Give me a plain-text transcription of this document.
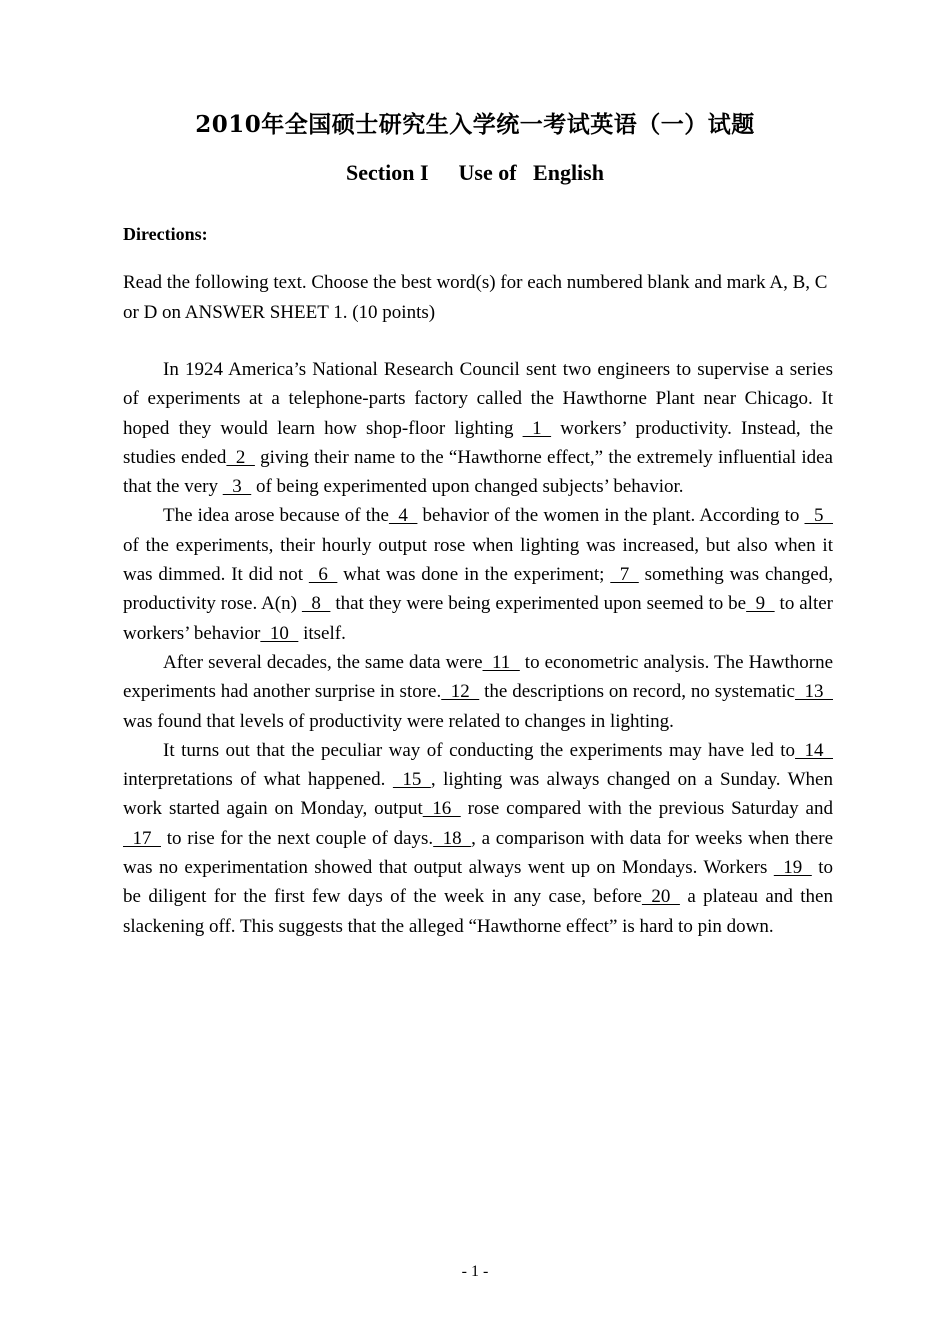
2010年全国硕士研究生入学统一考试英语（一）试题
Section I Use of   English
Directions:
Read the following text. Choose the best word(s) for each numbered blank and mark A, B, C or D on ANSWER SHEET 1. (10 points)

In 1924 America’s National Research Council sent two engineers to supervise a series of experiments at a telephone-parts factory called the Hawthorne Plant near Chicago. It hoped they would learn how shop-floor lighting   1   workers’ productivity. Instead, the studies ended  2   giving their name to the “Hawthorne effect,” the extremely influential idea that the very   3   of being experimented upon changed subjects’ behavior.

The idea arose because of the  4   behavior of the women in the plant. According to   5   of the experiments, their hourly output rose when lighting was increased, but also when it was dimmed. It did not   6   what was done in the experiment;   7   something was changed, productivity rose. A(n)   8   that they were being experimented upon seemed to be  9   to alter workers’ behavior  10   itself.

After several decades, the same data were  11   to econometric analysis. The Hawthorne experiments had another surprise in store.  12   the descriptions on record, no systematic  13   was found that levels of productivity were related to changes in lighting.

It turns out that the peculiar way of conducting the experiments may have led to  14   interpretations of what happened.   15  , lighting was always changed on a Sunday. When work started again on Monday, output  16   rose compared with the previous Saturday and  17   to rise for the next couple of days.  18  , a comparison with data for weeks when there was no experimentation showed that output always went up on Mondays. Workers   19   to be diligent for the first few days of the week in any case, before  20   a plateau and then slackening off. This suggests that the alleged “Hawthorne effect” is hard to pin down.

- 1 -
